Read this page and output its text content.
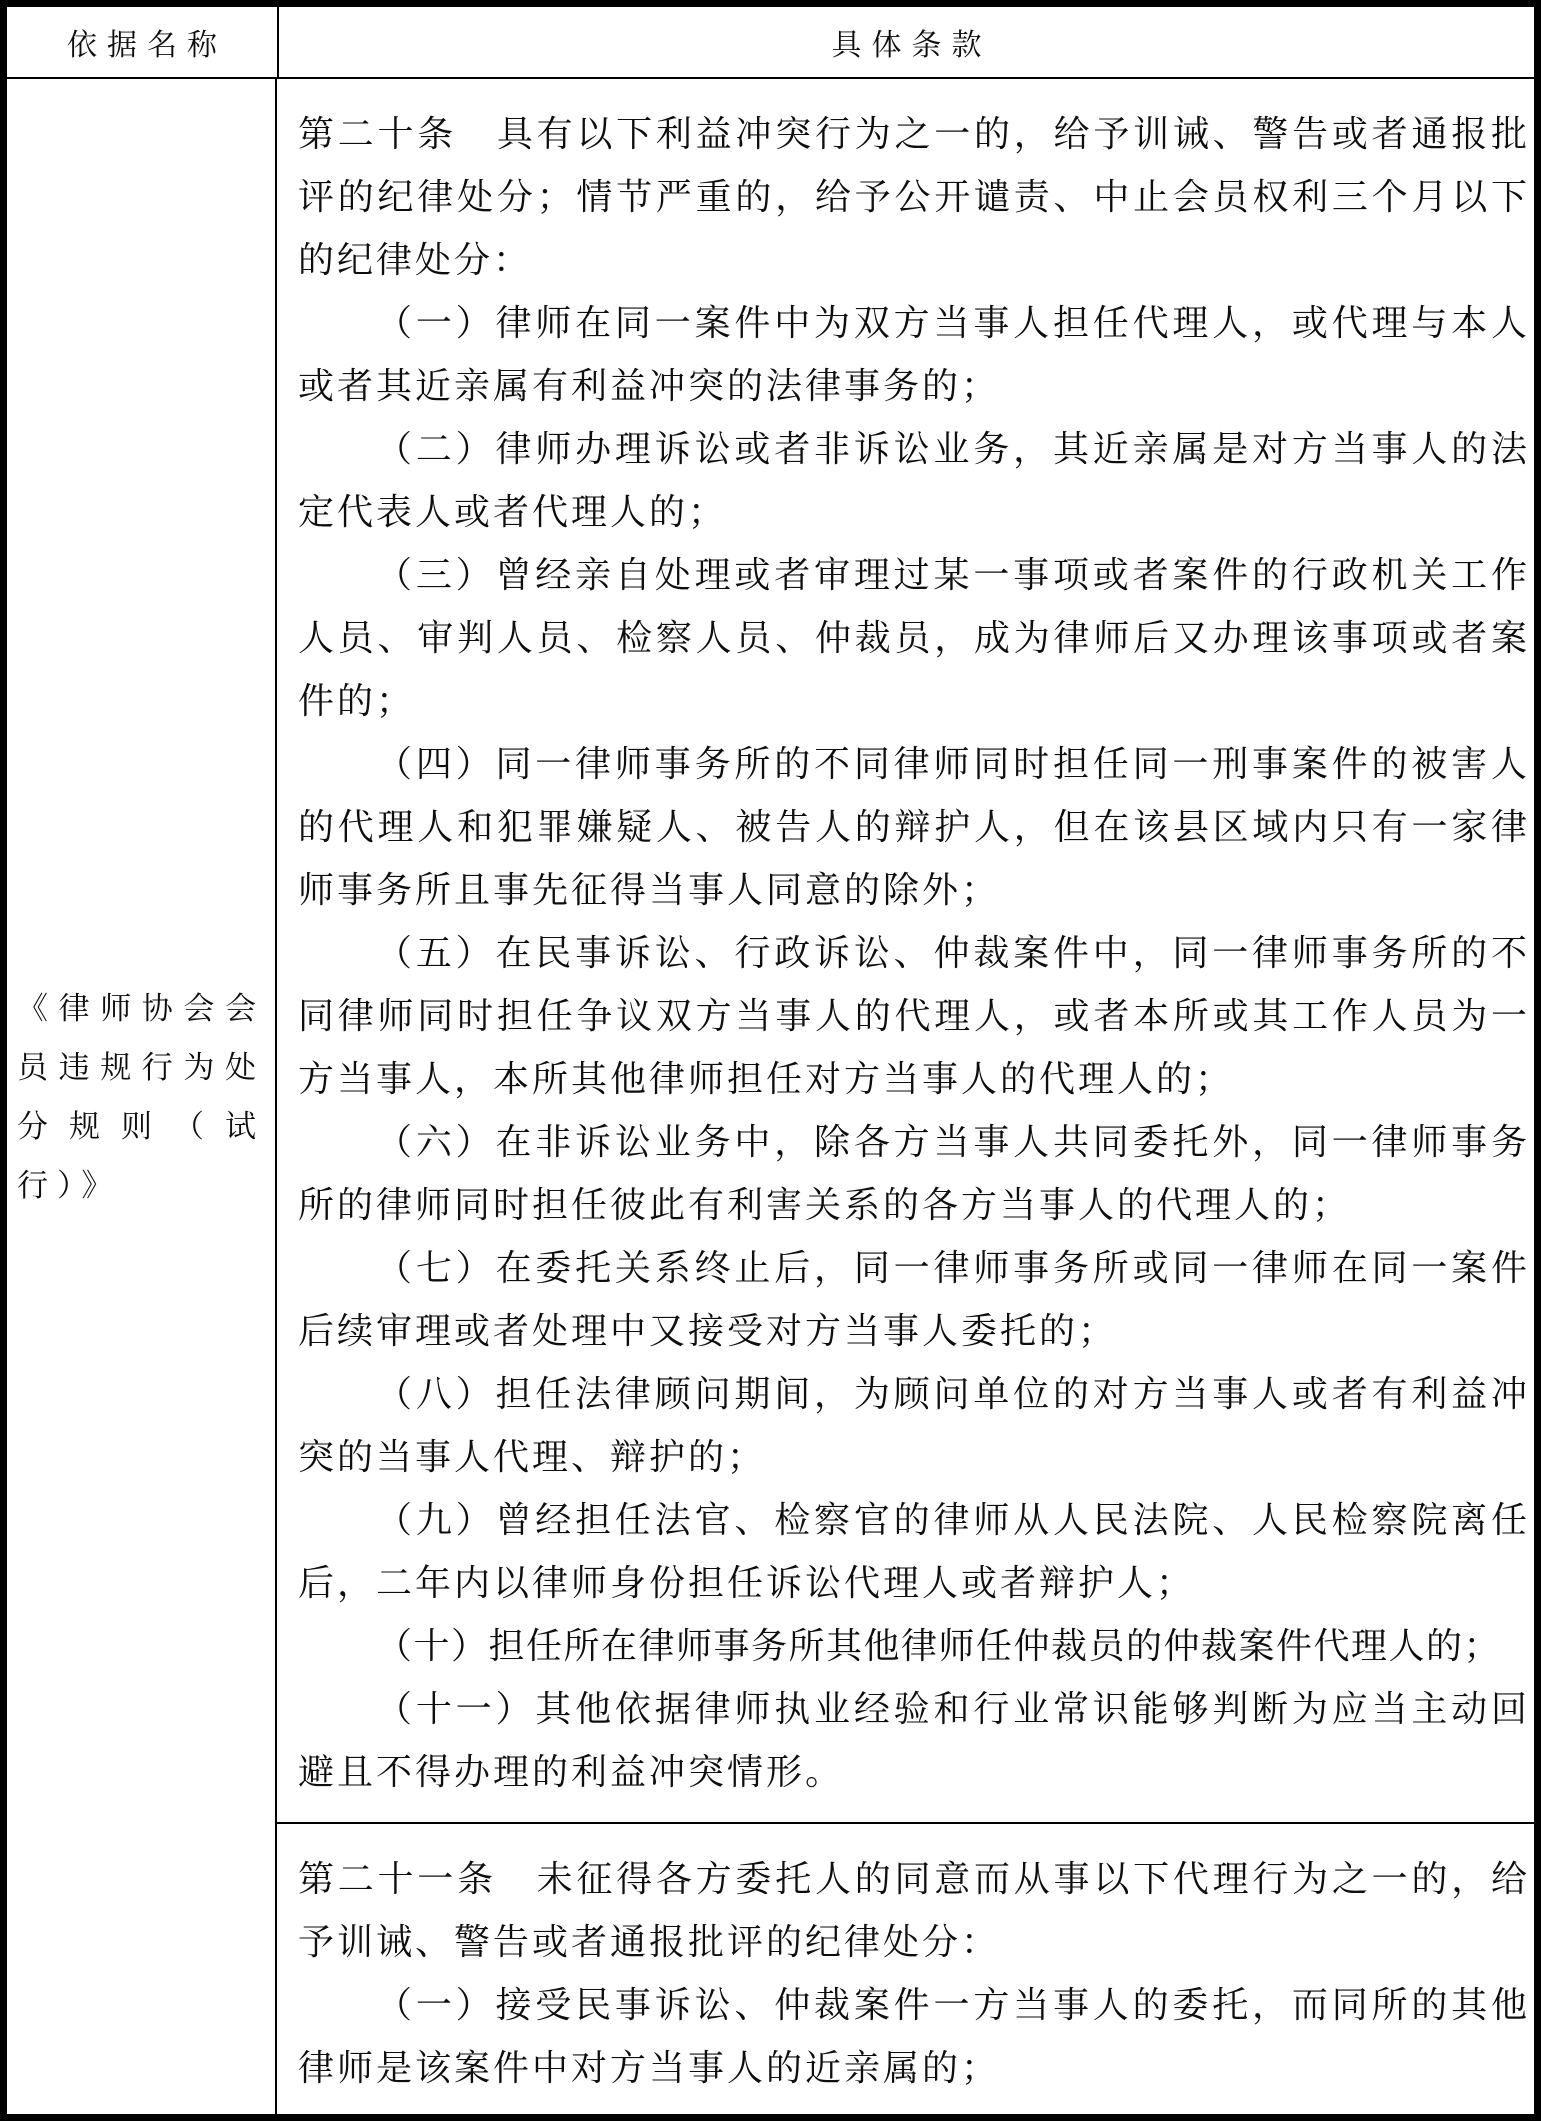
依据名称	具体条款
《律师协会会员违规行为处分规则（试行）》

第二十条　具有以下利益冲突行为之一的，给予训诫、警告或者通报批评的纪律处分；情节严重的，给予公开谴责、中止会员权利三个月以下的纪律处分：

（一）律师在同一案件中为双方当事人担任代理人，或代理与本人或者其近亲属有利益冲突的法律事务的；

（二）律师办理诉讼或者非诉讼业务，其近亲属是对方当事人的法定代表人或者代理人的；

（三）曾经亲自处理或者审理过某一事项或者案件的行政机关工作人员、审判人员、检察人员、仲裁员，成为律师后又办理该事项或者案件的；

（四）同一律师事务所的不同律师同时担任同一刑事案件的被害人的代理人和犯罪嫌疑人、被告人的辩护人，但在该县区域内只有一家律师事务所且事先征得当事人同意的除外；

（五）在民事诉讼、行政诉讼、仲裁案件中，同一律师事务所的不同律师同时担任争议双方当事人的代理人，或者本所或其工作人员为一方当事人，本所其他律师担任对方当事人的代理人的；

（六）在非诉讼业务中，除各方当事人共同委托外，同一律师事务所的律师同时担任彼此有利害关系的各方当事人的代理人的；

（七）在委托关系终止后，同一律师事务所或同一律师在同一案件后续审理或者处理中又接受对方当事人委托的；

（八）担任法律顾问期间，为顾问单位的对方当事人或者有利益冲突的当事人代理、辩护的；

（九）曾经担任法官、检察官的律师从人民法院、人民检察院离任后，二年内以律师身份担任诉讼代理人或者辩护人；

（十）担任所在律师事务所其他律师任仲裁员的仲裁案件代理人的；

（十一）其他依据律师执业经验和行业常识能够判断为应当主动回避且不得办理的利益冲突情形。

第二十一条　未征得各方委托人的同意而从事以下代理行为之一的，给予训诫、警告或者通报批评的纪律处分：

（一）接受民事诉讼、仲裁案件一方当事人的委托，而同所的其他律师是该案件中对方当事人的近亲属的；
